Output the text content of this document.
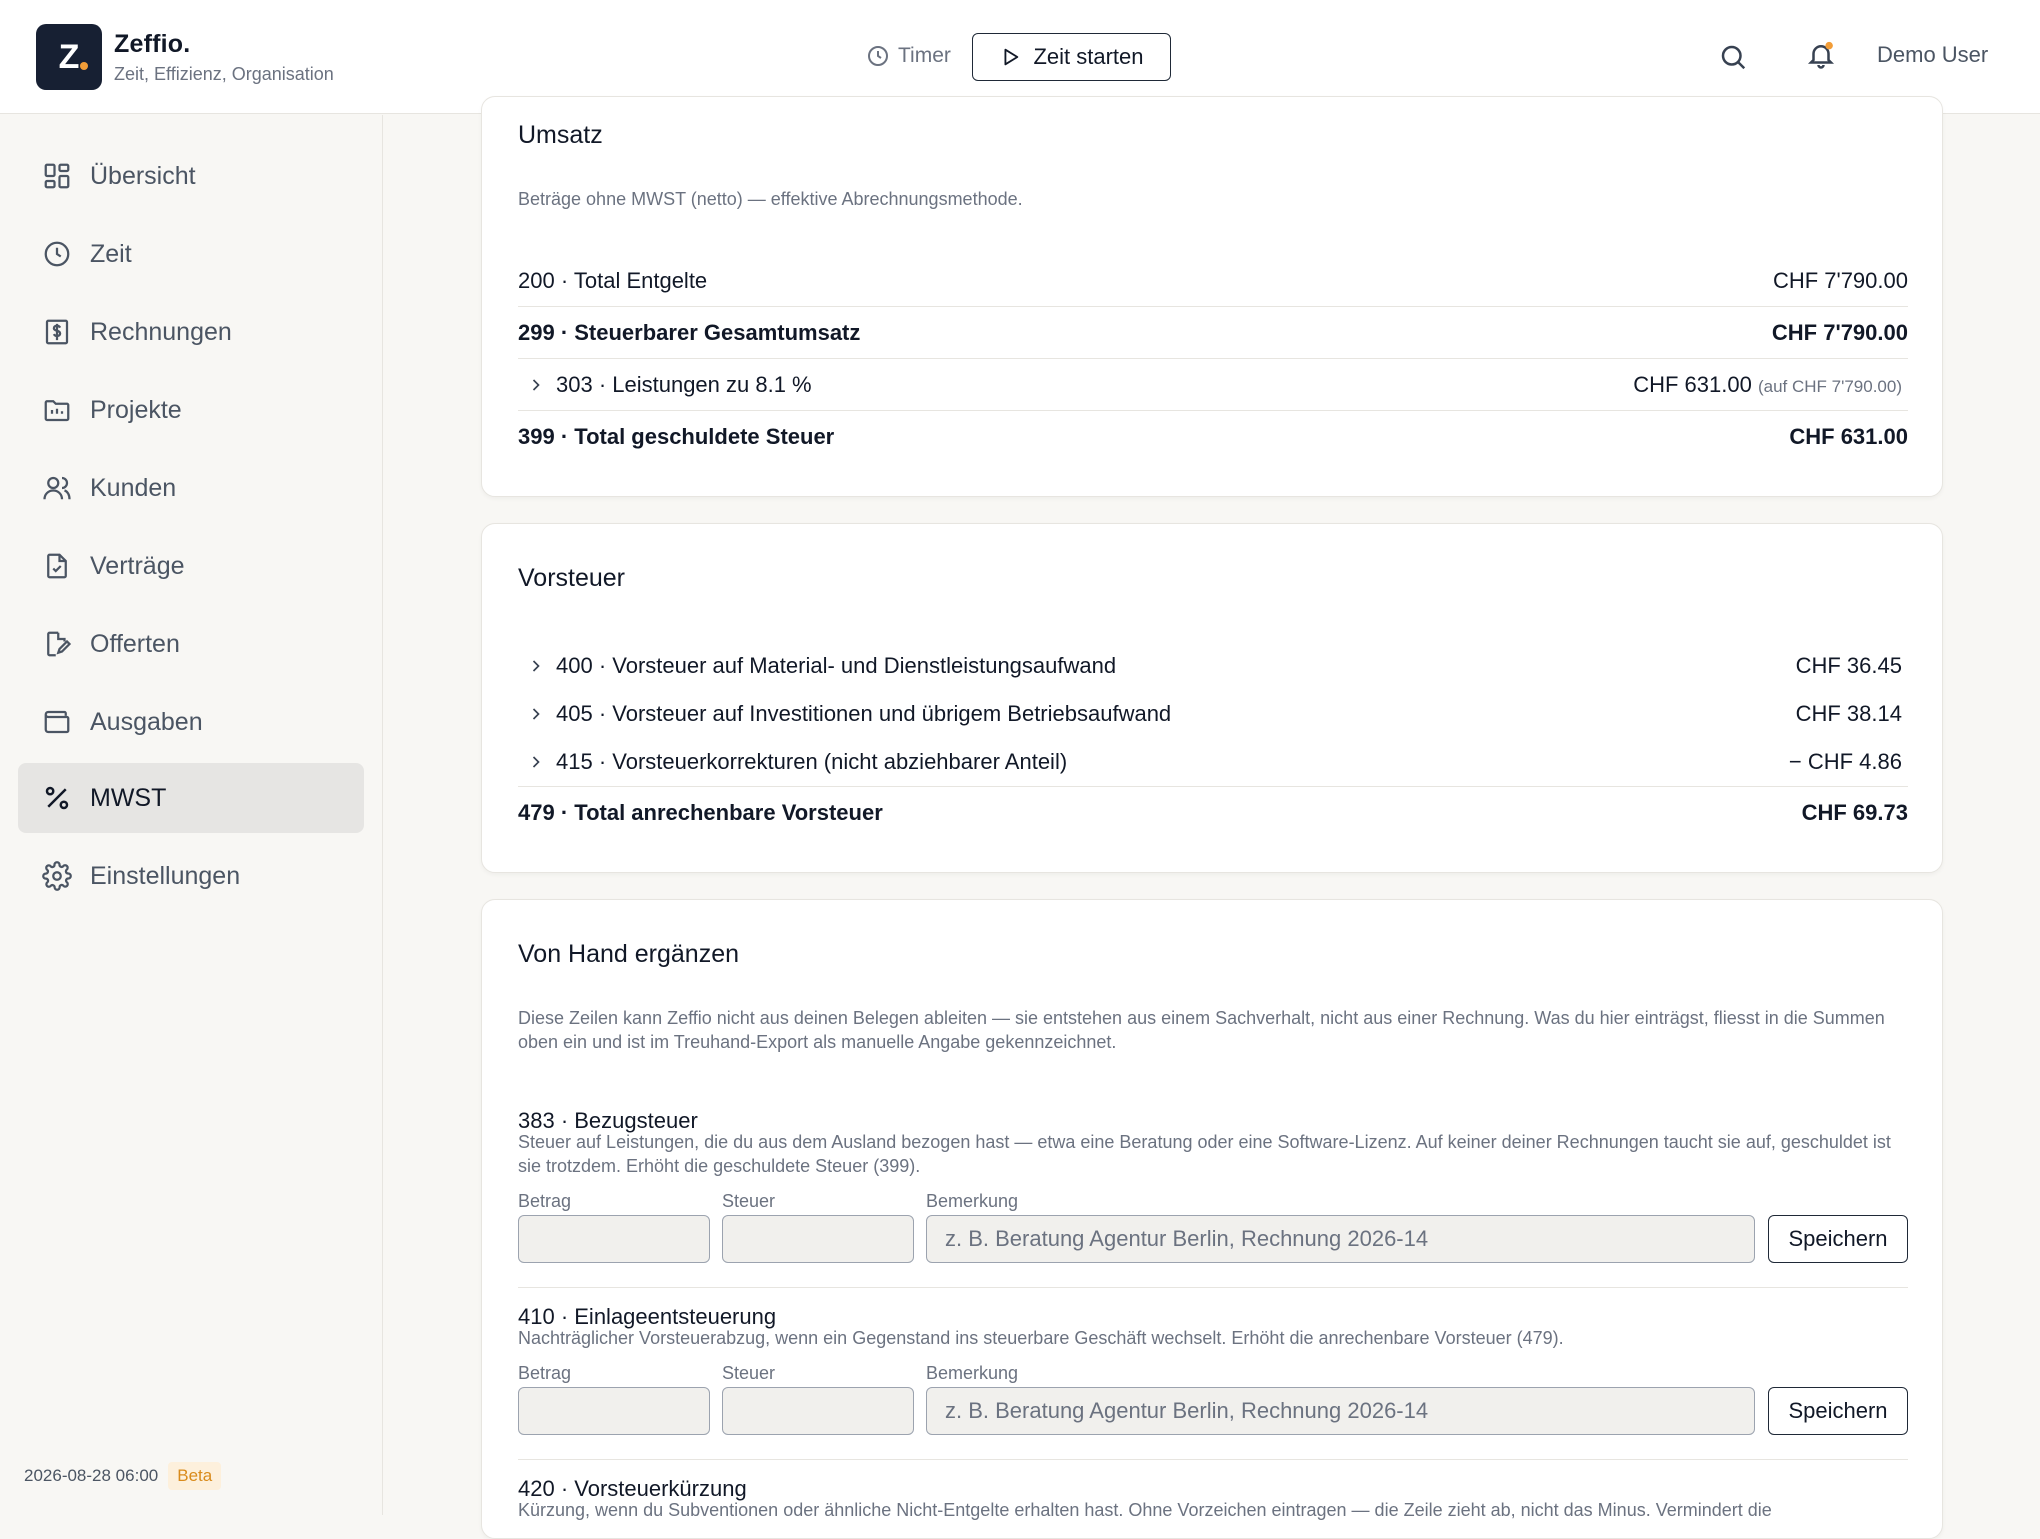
Z	Zeffio.
Zeit, Effizienz, Organisation
Timer	Zeit starten	Demo User
Übersicht
Zeit
Rechnungen
Projekte
Kunden
Verträge
Offerten
Ausgaben
MWST
Einstellungen
2026-08-28 06:00	Beta
Umsatz
Beträge ohne MWST (netto) — effektive Abrechnungsmethode.
200 · Total Entgelte	CHF 7'790.00
299 · Steuerbarer Gesamtumsatz	CHF 7'790.00
303 · Leistungen zu 8.1 %	CHF 631.00 (auf CHF 7'790.00)
399 · Total geschuldete Steuer	CHF 631.00
Vorsteuer
400 · Vorsteuer auf Material- und Dienstleistungsaufwand	CHF 36.45
405 · Vorsteuer auf Investitionen und übrigem Betriebsaufwand	CHF 38.14
415 · Vorsteuerkorrekturen (nicht abziehbarer Anteil)	− CHF 4.86
479 · Total anrechenbare Vorsteuer	CHF 69.73
Von Hand ergänzen
Diese Zeilen kann Zeffio nicht aus deinen Belegen ableiten — sie entstehen aus einem Sachverhalt, nicht aus einer Rechnung. Was du hier einträgst, fliesst in die Summen oben ein und ist im Treuhand-Export als manuelle Angabe gekennzeichnet.
383 · Bezugsteuer
Steuer auf Leistungen, die du aus dem Ausland bezogen hast — etwa eine Beratung oder eine Software-Lizenz. Auf keiner deiner Rechnungen taucht sie auf, geschuldet ist sie trotzdem. Erhöht die geschuldete Steuer (399).
Betrag	Steuer	Bemerkung
z. B. Beratung Agentur Berlin, Rechnung 2026-14
Speichern
410 · Einlageentsteuerung
Nachträglicher Vorsteuerabzug, wenn ein Gegenstand ins steuerbare Geschäft wechselt. Erhöht die anrechenbare Vorsteuer (479).
Betrag	Steuer	Bemerkung
z. B. Beratung Agentur Berlin, Rechnung 2026-14
Speichern
420 · Vorsteuerkürzung
Kürzung, wenn du Subventionen oder ähnliche Nicht-Entgelte erhalten hast. Ohne Vorzeichen eintragen — die Zeile zieht ab, nicht das Minus. Vermindert die
